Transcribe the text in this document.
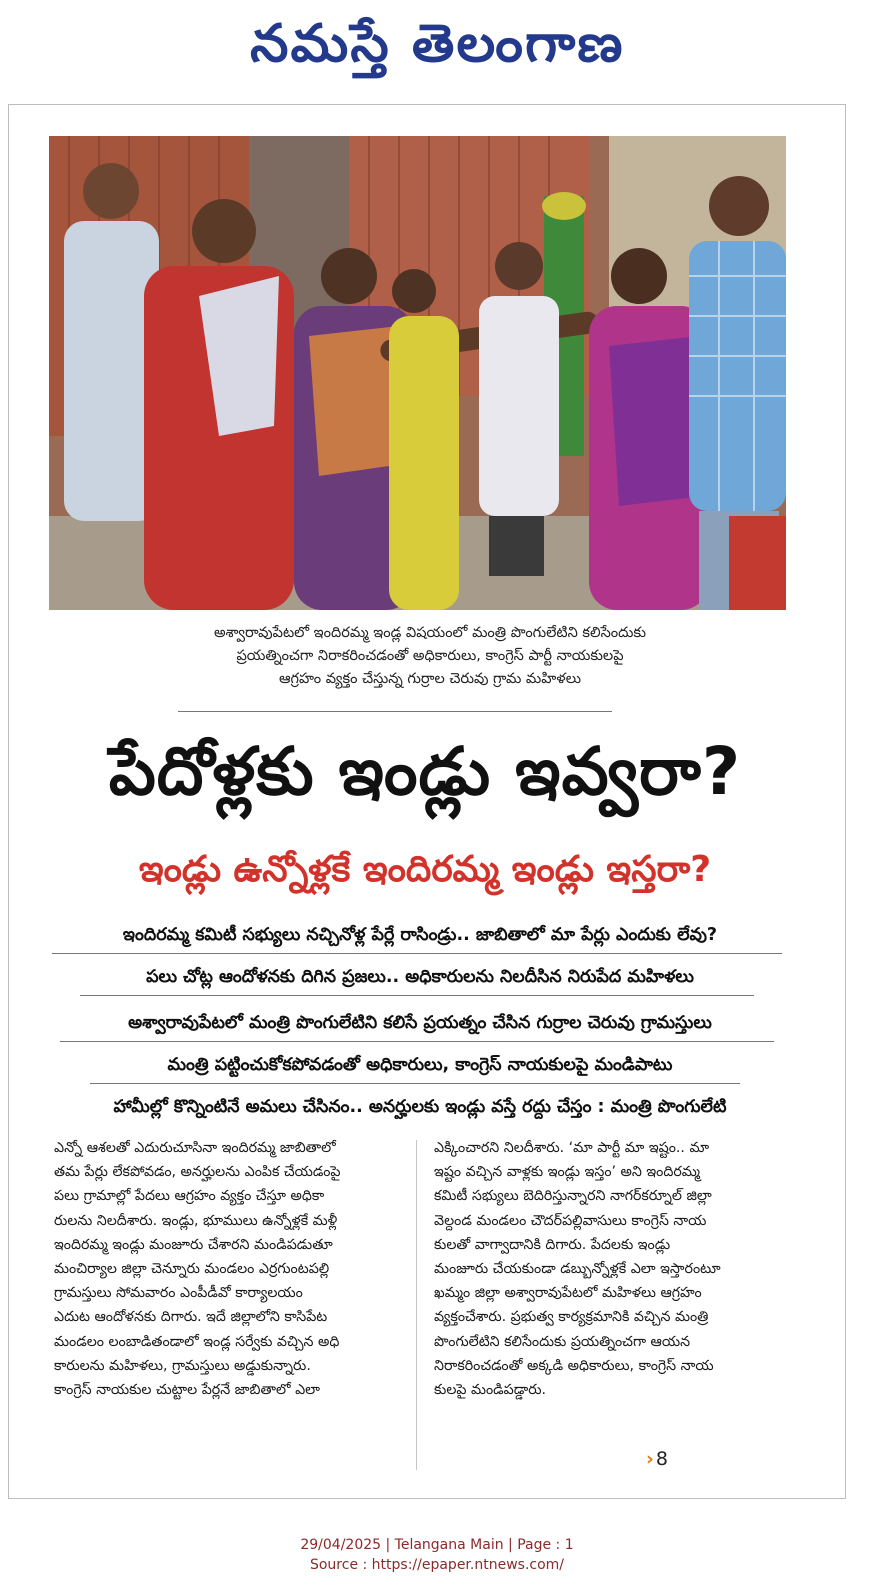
నమస్తే తెలంగాణ
అశ్వారావుపేటలో ఇందిరమ్మ ఇండ్ల విషయంలో మంత్రి పొంగులేటిని కలిసేందుకు
ప్రయత్నించగా నిరాకరించడంతో అధికారులు, కాంగ్రెస్ పార్టీ నాయకులపై
ఆగ్రహం వ్యక్తం చేస్తున్న గుర్రాల చెరువు గ్రామ మహిళలు
పేదోళ్లకు ఇండ్లు ఇవ్వరా?
ఇండ్లు ఉన్నోళ్లకే ఇందిరమ్మ ఇండ్లు ఇస్తరా?
ఇందిరమ్మ కమిటీ సభ్యులు నచ్చినోళ్ల పేర్లే రాసిండ్రు.. జాబితాలో మా పేర్లు ఎందుకు లేవు?
పలు చోట్ల ఆందోళనకు దిగిన ప్రజలు.. అధికారులను నిలదీసిన నిరుపేద మహిళలు
అశ్వారావుపేటలో మంత్రి పొంగులేటిని కలిసే ప్రయత్నం చేసిన గుర్రాల చెరువు గ్రామస్తులు
మంత్రి పట్టించుకోకపోవడంతో అధికారులు, కాంగ్రెస్ నాయకులపై మండిపాటు
హామీల్లో కొన్నింటినే అమలు చేసినం.. అనర్హులకు ఇండ్లు వస్తే రద్దు చేస్తం : మంత్రి పొంగులేటి
ఎన్నో ఆశలతో ఎదురుచూసినా ఇందిరమ్మ జాబితాలో
తమ పేర్లు లేకపోవడం, అనర్హులను ఎంపిక చేయడంపై
పలు గ్రామాల్లో పేదలు ఆగ్రహం వ్యక్తం చేస్తూ అధికా
రులను నిలదీశారు. ఇండ్లు, భూములు ఉన్నోళ్లకే మళ్లీ
ఇందిరమ్మ ఇండ్లు మంజూరు చేశారని మండిపడుతూ
మంచిర్యాల జిల్లా చెన్నూరు మండలం ఎర్రగుంటపల్లి
గ్రామస్తులు సోమవారం ఎంపీడీవో కార్యాలయం
ఎదుట ఆందోళనకు దిగారు. ఇదే జిల్లాలోని కాసిపేట
మండలం లంబాడితండాలో ఇండ్ల సర్వేకు వచ్చిన అధి
కారులను మహిళలు, గ్రామస్తులు అడ్డుకున్నారు.
కాంగ్రెస్ నాయకుల చుట్టాల పేర్లనే జాబితాలో ఎలా
ఎక్కించారని నిలదీశారు. ‘మా పార్టీ మా ఇష్టం.. మా
ఇష్టం వచ్చిన వాళ్లకు ఇండ్లు ఇస్తం’ అని ఇందిరమ్మ
కమిటీ సభ్యులు బెదిరిస్తున్నారని నాగర్‌కర్నూల్ జిల్లా
వెల్దండ మండలం చౌదర్‌పల్లివాసులు కాంగ్రెస్ నాయ
కులతో వాగ్వాదానికి దిగారు. పేదలకు ఇండ్లు
మంజూరు చేయకుండా డబ్బున్నోళ్లకే ఎలా ఇస్తారంటూ
ఖమ్మం జిల్లా అశ్వారావుపేటలో మహిళలు ఆగ్రహం
వ్యక్తంచేశారు. ప్రభుత్వ కార్యక్రమానికి వచ్చిన మంత్రి
పొంగులేటిని కలిసేందుకు ప్రయత్నించగా ఆయన
నిరాకరించడంతో అక్కడి అధికారులు, కాంగ్రెస్ నాయ
కులపై మండిపడ్డారు.
› 8
29/04/2025 | Telangana Main | Page : 1
Source : https://epaper.ntnews.com/
